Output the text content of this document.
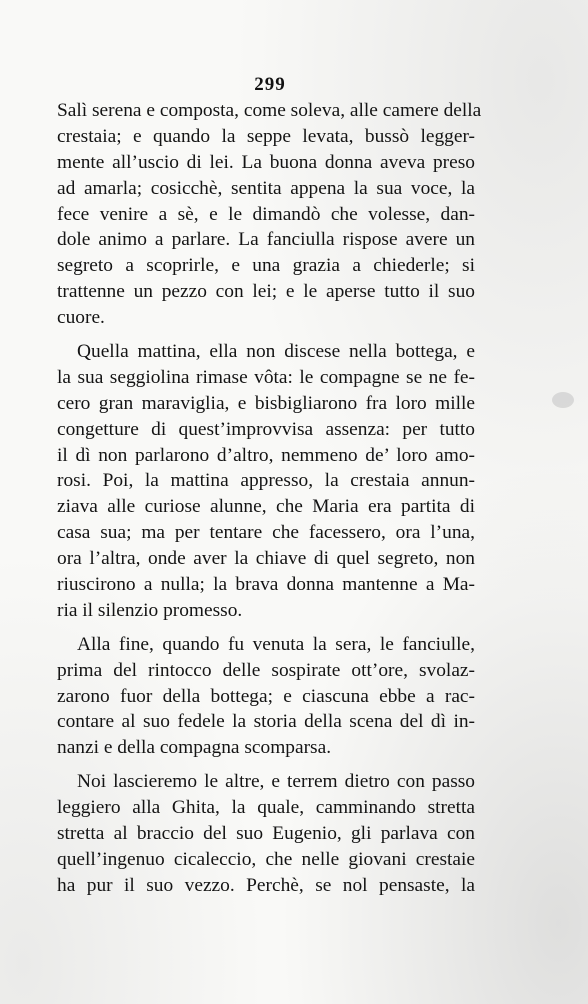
299
Salì serena e composta, come soleva, alle camere della
crestaia; e quando la seppe levata, bussò legger-
mente all’uscio di lei. La buona donna aveva preso
ad amarla; cosicchè, sentita appena la sua voce, la
fece venire a sè, e le dimandò che volesse, dan-
dole animo a parlare. La fanciulla rispose avere un
segreto a scoprirle, e una grazia a chiederle; si
trattenne un pezzo con lei; e le aperse tutto il suo
cuore.
Quella mattina, ella non discese nella bottega, e
la sua seggiolina rimase vôta: le compagne se ne fe-
cero gran maraviglia, e bisbigliarono fra loro mille
congetture di quest’improvvisa assenza: per tutto
il dì non parlarono d’altro, nemmeno de’ loro amo-
rosi. Poi, la mattina appresso, la crestaia annun-
ziava alle curiose alunne, che Maria era partita di
casa sua; ma per tentare che facessero, ora l’una,
ora l’altra, onde aver la chiave di quel segreto, non
riuscirono a nulla; la brava donna mantenne a Ma-
ria il silenzio promesso.
Alla fine, quando fu venuta la sera, le fanciulle,
prima del rintocco delle sospirate ott’ore, svolaz-
zarono fuor della bottega; e ciascuna ebbe a rac-
contare al suo fedele la storia della scena del dì in-
nanzi e della compagna scomparsa.
Noi lascieremo le altre, e terrem dietro con passo
leggiero alla Ghita, la quale, camminando stretta
stretta al braccio del suo Eugenio, gli parlava con
quell’ingenuo cicaleccio, che nelle giovani crestaie
ha pur il suo vezzo. Perchè, se nol pensaste, la
